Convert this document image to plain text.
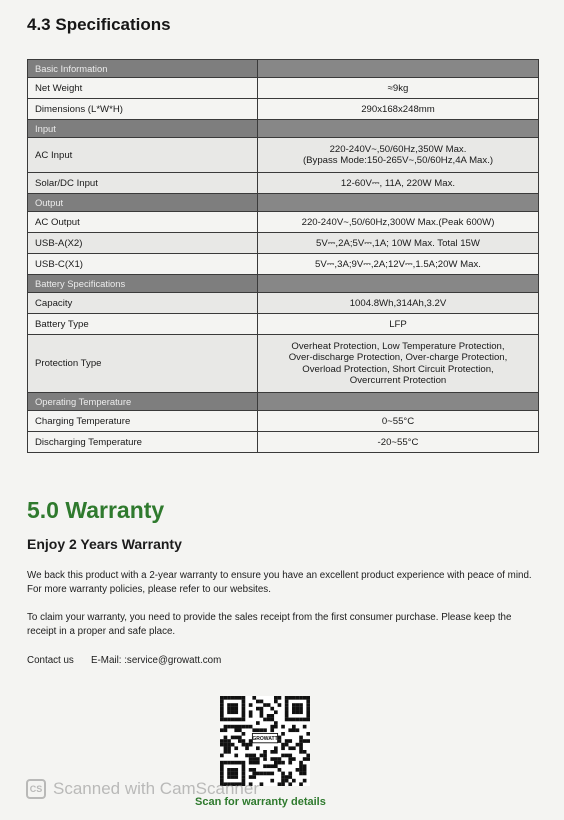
4.3 Specifications
Basic Information	
Net Weight	≈9kg
Dimensions (L*W*H)	290x168x248mm
Input	
AC Input	220-240V~,50/60Hz,350W Max.
(Bypass Mode:150-265V~,50/60Hz,4A Max.)
Solar/DC Input	12-60V⎓, 11A, 220W Max.
Output	
AC Output	220-240V~,50/60Hz,300W Max.(Peak 600W)
USB-A(X2)	5V⎓,2A;5V⎓,1A; 10W Max. Total 15W
USB-C(X1)	5V⎓,3A;9V⎓,2A;12V⎓,1.5A;20W Max.
Battery Specifications	
Capacity	1004.8Wh,314Ah,3.2V
Battery Type	LFP
Protection Type	Overheat Protection, Low Temperature Protection,
Over-discharge Protection, Over-charge Protection,
Overload Protection, Short Circuit Protection,
Overcurrent Protection
Operating Temperature	
Charging Temperature	0~55°C
Discharging Temperature	-20~55°C
5.0 Warranty
Enjoy 2 Years Warranty

We back this product with a 2-year warranty to ensure you have an excellent product experience with peace of mind. For more warranty policies, please refer to our websites.

To claim your warranty, you need to provide the sales receipt from the first consumer purchase. Please keep the receipt in a proper and safe place.

Contact us E-Mail: :service@growatt.com
GROWATT
Scan for warranty details
CS Scanned with CamScanner
